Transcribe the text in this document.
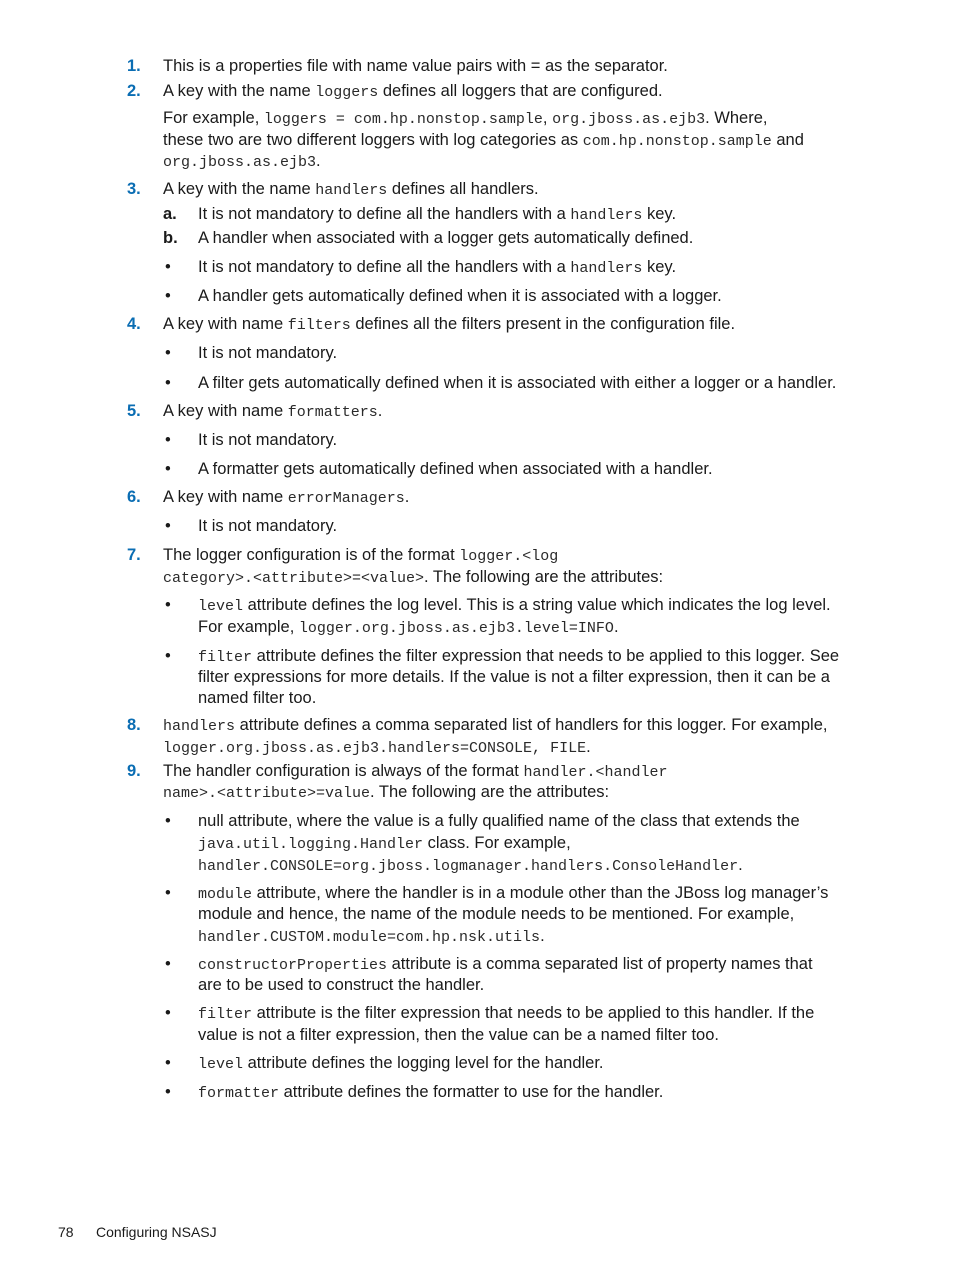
1. This is a properties file with name value pairs with = as the separator.
2. A key with the name loggers defines all loggers that are configured.
For example, loggers = com.hp.nonstop.sample, org.jboss.as.ejb3. Where,
these two are two different loggers with log categories as com.hp.nonstop.sample and
org.jboss.as.ejb3.
3. A key with the name handlers defines all handlers.
a. It is not mandatory to define all the handlers with a handlers key.
b. A handler when associated with a logger gets automatically defined.
• It is not mandatory to define all the handlers with a handlers key.
• A handler gets automatically defined when it is associated with a logger.
4. A key with name filters defines all the filters present in the configuration file.
• It is not mandatory.
• A filter gets automatically defined when it is associated with either a logger or a handler.
5. A key with name formatters.
• It is not mandatory.
• A formatter gets automatically defined when associated with a handler.
6. A key with name errorManagers.
• It is not mandatory.
7. The logger configuration is of the format logger.<log
category>.<attribute>=<value>. The following are the attributes:
• level attribute defines the log level. This is a string value which indicates the log level.
For example, logger.org.jboss.as.ejb3.level=INFO.
• filter attribute defines the filter expression that needs to be applied to this logger. See
filter expressions for more details. If the value is not a filter expression, then it can be a
named filter too.
8. handlers attribute defines a comma separated list of handlers for this logger. For example,
logger.org.jboss.as.ejb3.handlers=CONSOLE, FILE.
9. The handler configuration is always of the format handler.<handler
name>.<attribute>=value. The following are the attributes:
• null attribute, where the value is a fully qualified name of the class that extends the
java.util.logging.Handler class. For example,
handler.CONSOLE=org.jboss.logmanager.handlers.ConsoleHandler.
• module attribute, where the handler is in a module other than the JBoss log manager’s
module and hence, the name of the module needs to be mentioned. For example,
handler.CUSTOM.module=com.hp.nsk.utils.
• constructorProperties attribute is a comma separated list of property names that
are to be used to construct the handler.
• filter attribute is the filter expression that needs to be applied to this handler. If the
value is not a filter expression, then the value can be a named filter too.
• level attribute defines the logging level for the handler.
• formatter attribute defines the formatter to use for the handler.
78 Configuring NSASJ
